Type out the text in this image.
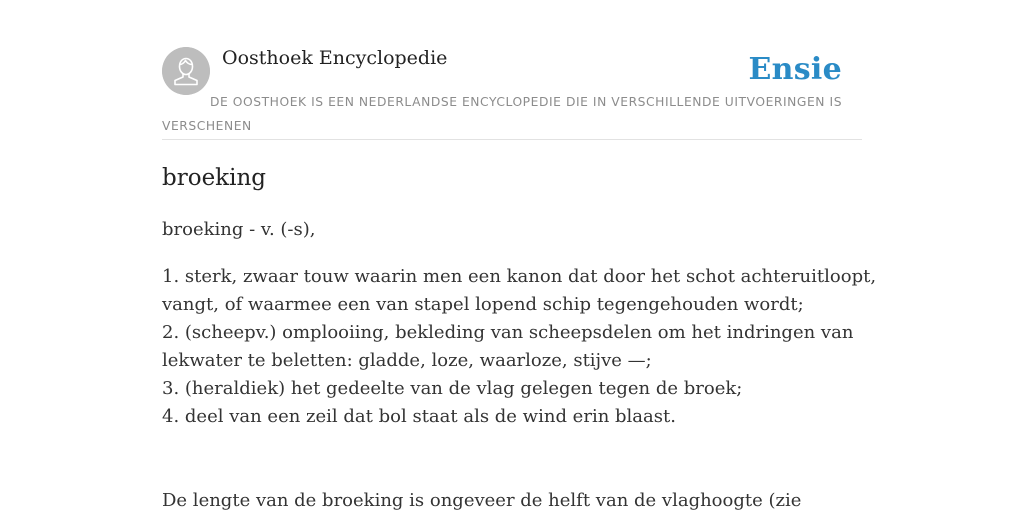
Oosthoek Encyclopedie	Ensie
DE OOSTHOEK IS EEN NEDERLANDSE ENCYCLOPEDIE DIE IN VERSCHILLENDE UITVOERINGEN IS VERSCHENEN
broeking

broeking - v. (-s),

1. sterk, zwaar touw waarin men een kanon dat door het schot achteruitloopt,
vangt, of waarmee een van stapel lopend schip tegengehouden wordt;
2. (scheepv.) omplooiing, bekleding van scheepsdelen om het indringen van
lekwater te beletten: gladde, loze, waarloze, stijve —;
3. (heraldiek) het gedeelte van de vlag gelegen tegen de broek;
4. deel van een zeil dat bol staat als de wind erin blaast.

De lengte van de broeking is ongeveer de helft van de vlaghoogte (zie
